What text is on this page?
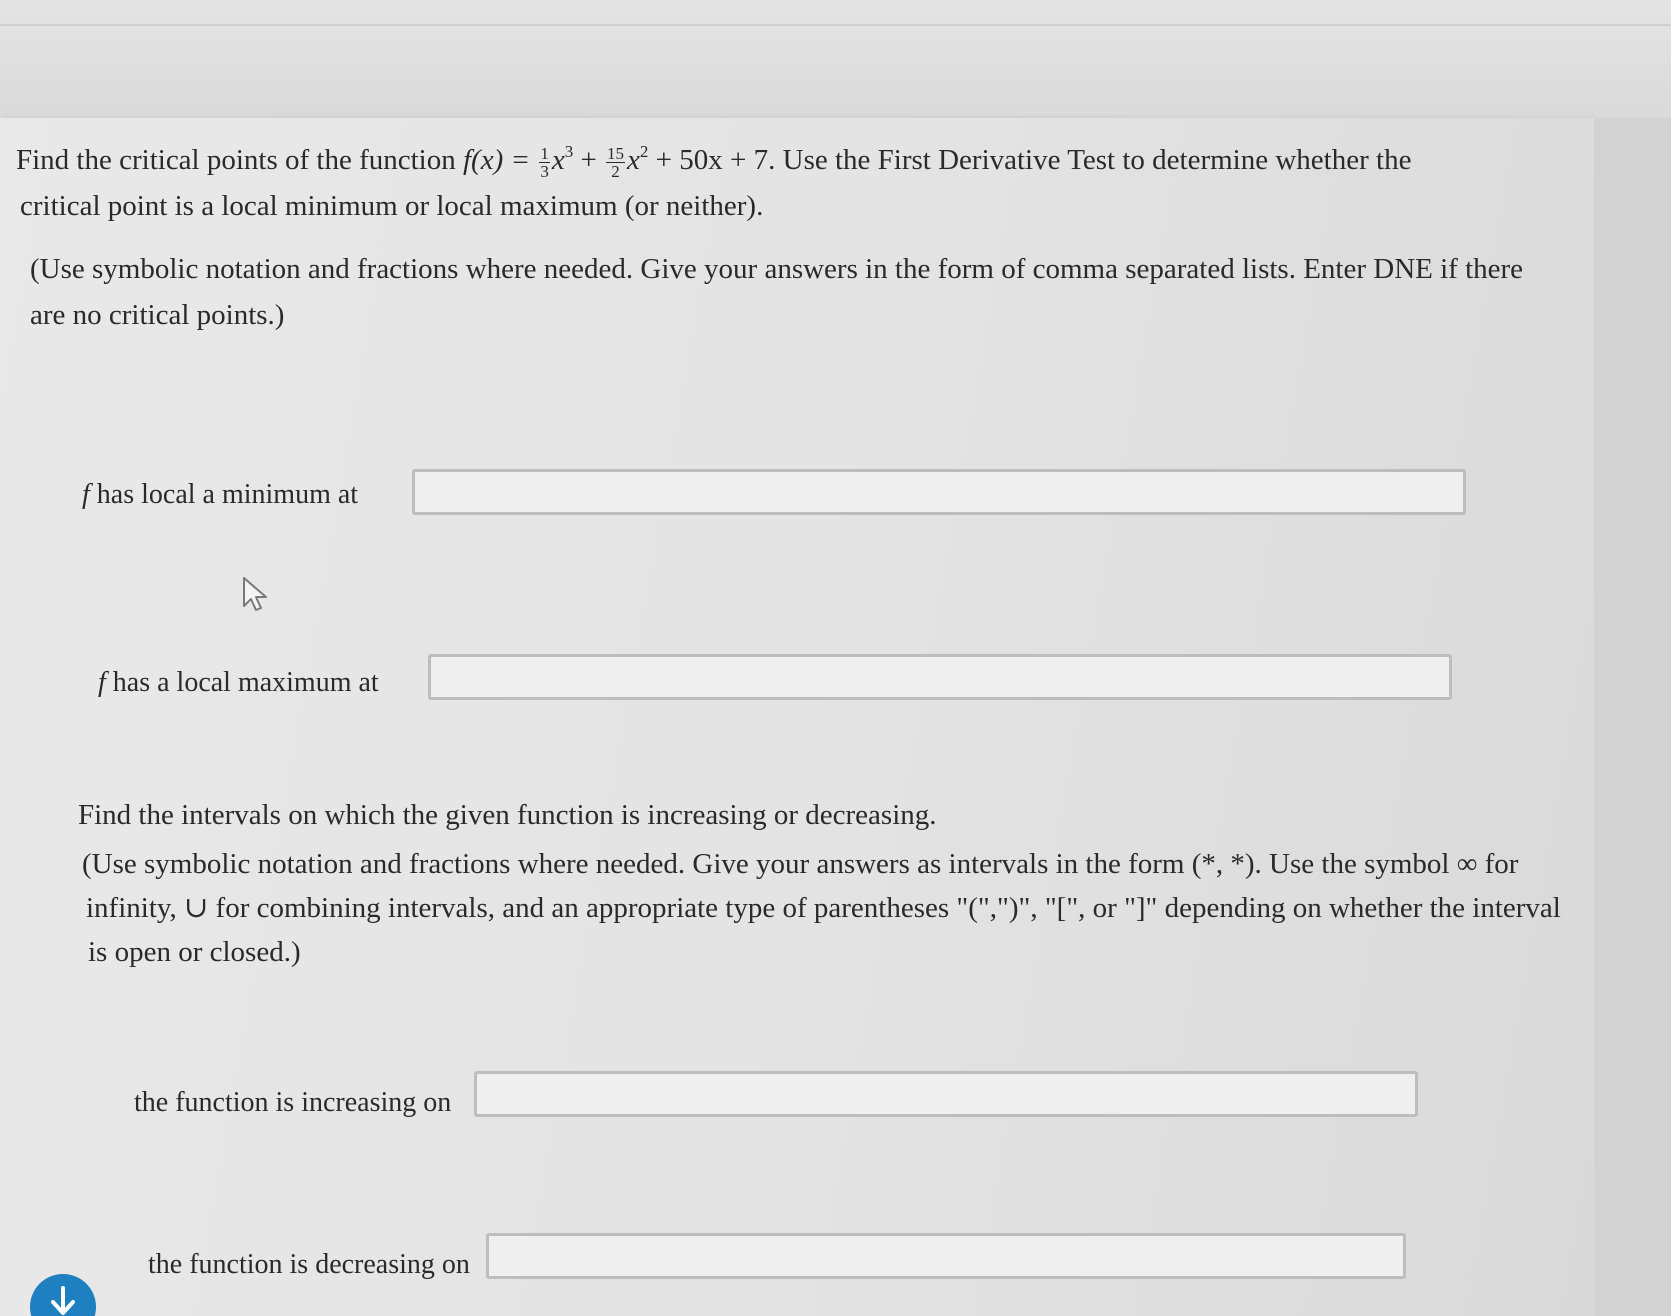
Find the critical points of the function $f(x) = \frac{1}{3} x^3 + \frac{15}{2} x^2 + 50x + 7$. Use the First Derivative Test to determine whether the
critical point is a local minimum or local maximum (or neither).
(Use symbolic notation and fractions where needed. Give your answers in the form of comma separated lists. Enter DNE if there
are no critical points.)
f has local a minimum at
f has a local maximum at
Find the intervals on which the given function is increasing or decreasing.
(Use symbolic notation and fractions where needed. Give your answers as intervals in the form (*, *). Use the symbol ∞ for
infinity, ∪ for combining intervals, and an appropriate type of parentheses "(",")", "[", or "]" depending on whether the interval
is open or closed.)
the function is increasing on
the function is decreasing on
